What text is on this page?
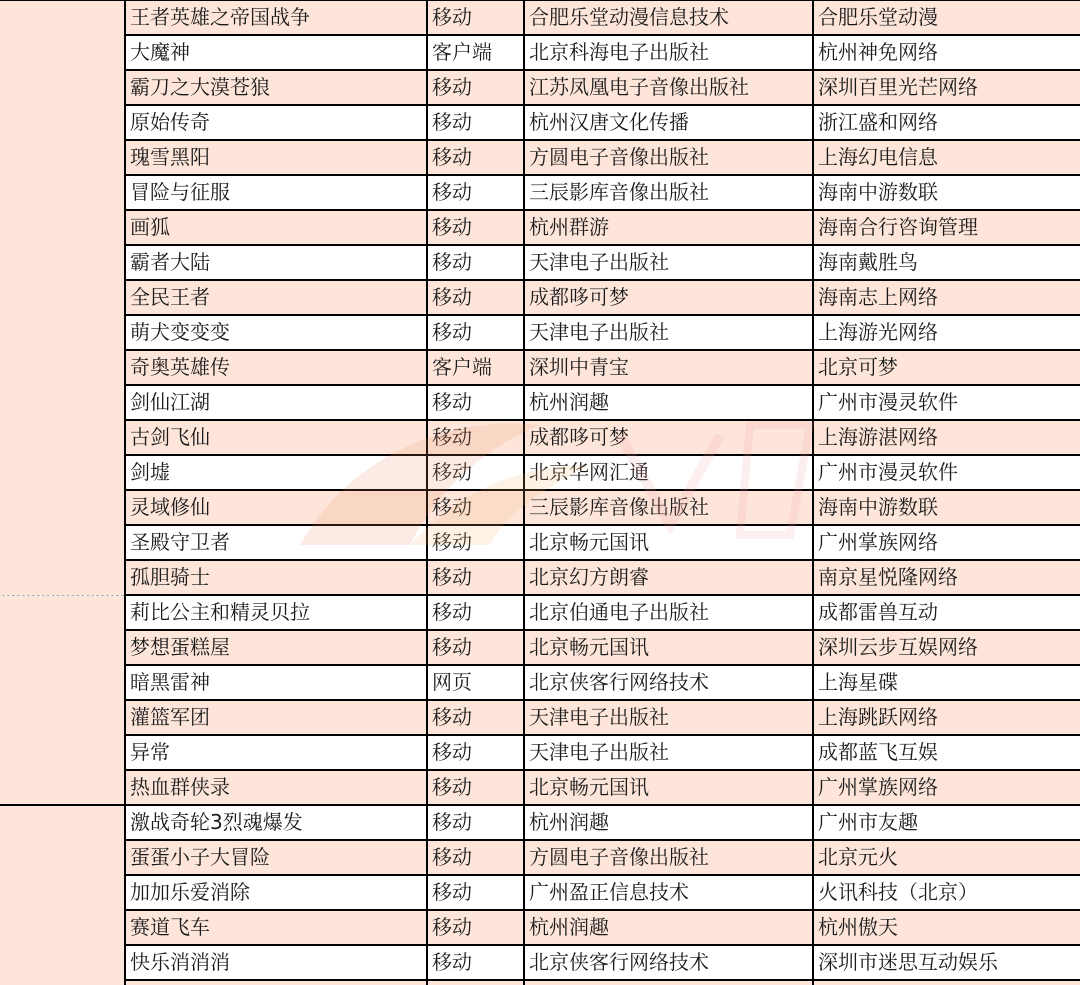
	王者英雄之帝国战争	移动	合肥乐堂动漫信息技术	合肥乐堂动漫
	大魔神	客户端	北京科海电子出版社	杭州神免网络
	霸刀之大漠苍狼	移动	江苏凤凰电子音像出版社	深圳百里光芒网络
	原始传奇	移动	杭州汉唐文化传播	浙江盛和网络
	瑰雪黑阳	移动	方圆电子音像出版社	上海幻电信息
	冒险与征服	移动	三辰影库音像出版社	海南中游数联
	画狐	移动	杭州群游	海南合行咨询管理
	霸者大陆	移动	天津电子出版社	海南戴胜鸟
	全民王者	移动	成都哆可梦	海南志上网络
	萌犬变变变	移动	天津电子出版社	上海游光网络
	奇奥英雄传	客户端	深圳中青宝	北京可梦
	剑仙江湖	移动	杭州润趣	广州市漫灵软件
	古剑飞仙	移动	成都哆可梦	上海游湛网络
	剑墟	移动	北京华网汇通	广州市漫灵软件
	灵域修仙	移动	三辰影库音像出版社	海南中游数联
	圣殿守卫者	移动	北京畅元国讯	广州掌族网络
	孤胆骑士	移动	北京幻方朗睿	南京星悦隆网络
	莉比公主和精灵贝拉	移动	北京伯通电子出版社	成都雷兽互动
	梦想蛋糕屋	移动	北京畅元国讯	深圳云步互娱网络
	暗黑雷神	网页	北京侠客行网络技术	上海星碟
	灌篮军团	移动	天津电子出版社	上海跳跃网络
	异常	移动	天津电子出版社	成都蓝飞互娱
	热血群侠录	移动	北京畅元国讯	广州掌族网络
	激战奇轮3烈魂爆发	移动	杭州润趣	广州市友趣
	蛋蛋小子大冒险	移动	方圆电子音像出版社	北京元火
	加加乐爱消除	移动	广州盈正信息技术	火讯科技（北京）
	赛道飞车	移动	杭州润趣	杭州傲天
	快乐消消消	移动	北京侠客行网络技术	深圳市迷思互动娱乐
